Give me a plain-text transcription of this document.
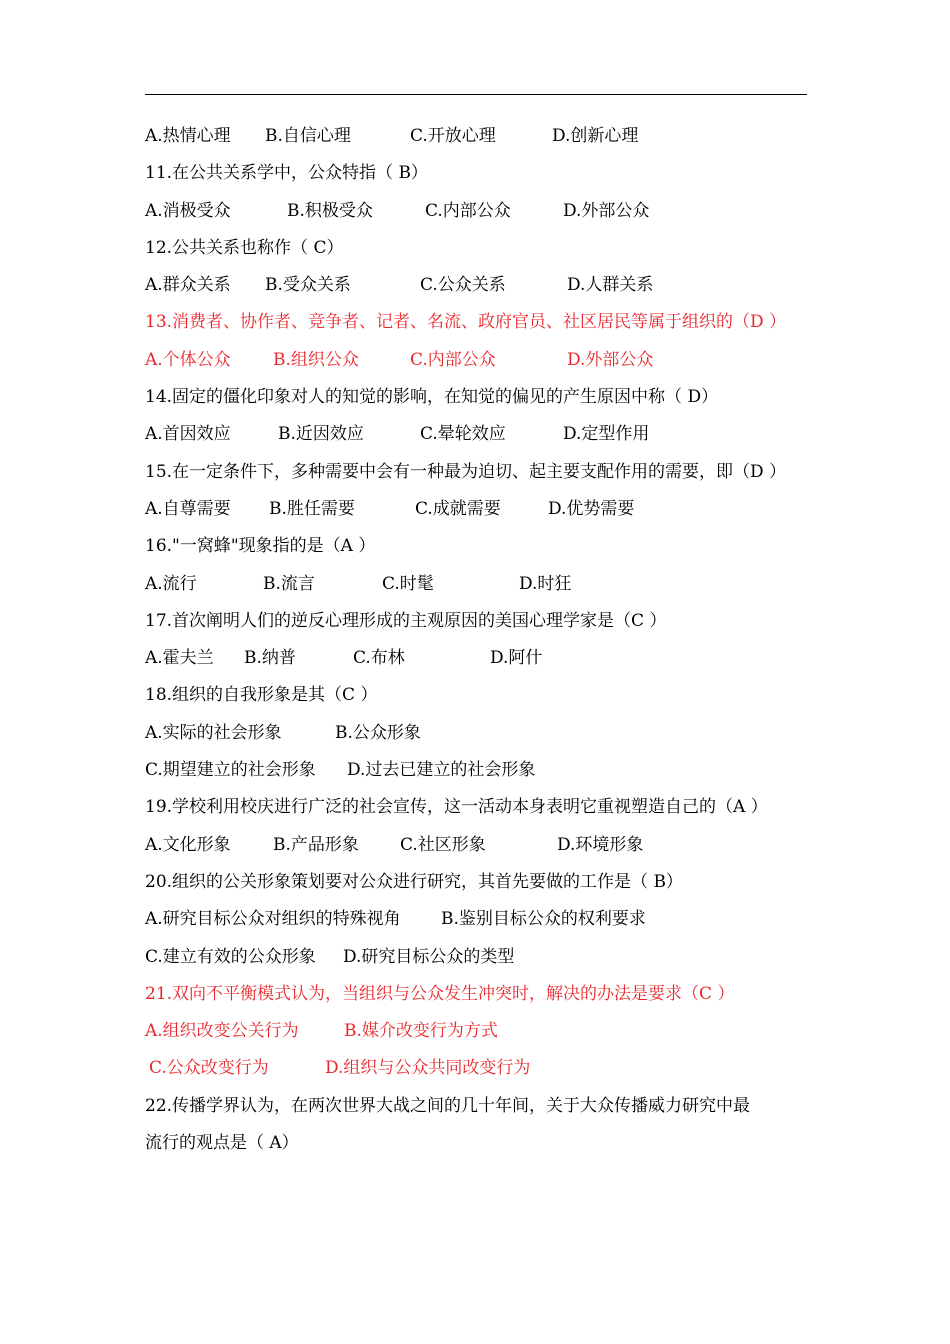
A.热情心理 B.自信心理	C.开放心理	D.创新心理
11.在公共关系学中，公众特指（ B）
A.消极受众	B.积极受众	C.内部公众	D.外部公众
12.公共关系也称作（ C）
A.群众关系 B.受众关系	C.公众关系	D.人群关系
13.消费者、协作者、竞争者、记者、名流、政府官员、社区居民等属于组织的（D ）
A.个体公众 B.组织公众	C.内部公众	D.外部公众
14.固定的僵化印象对人的知觉的影响，在知觉的偏见的产生原因中称（ D）
A.首因效应	B.近因效应	C.晕轮效应	D.定型作用
15.在一定条件下，多种需要中会有一种最为迫切、起主要支配作用的需要，即（D ）
A.自尊需要 B.胜任需要	C.成就需要	D.优势需要
16."一窝蜂"现象指的是（A ）
A.流行	B.流言	C.时髦	D.时狂
17.首次阐明人们的逆反心理形成的主观原因的美国心理学家是（C ）
A.霍夫兰 B.纳普	C.布林	D.阿什
18.组织的自我形象是其（C ）
A.实际的社会形象	B.公众形象
C.期望建立的社会形象 D.过去已建立的社会形象
19.学校利用校庆进行广泛的社会宣传，这一活动本身表明它重视塑造自己的（A ）
A.文化形象 B.产品形象 C.社区形象	D.环境形象
20.组织的公关形象策划要对公众进行研究，其首先要做的工作是（ B）
A.研究目标公众对组织的特殊视角 B.鉴别目标公众的权利要求
C.建立有效的公众形象 D.研究目标公众的类型
21.双向不平衡模式认为，当组织与公众发生冲突时，解决的办法是要求（C ）
A.组织改变公关行为	B.媒介改变行为方式
C.公众改变行为	D.组织与公众共同改变行为
22.传播学界认为，在两次世界大战之间的几十年间，关于大众传播威力研究中最
流行的观点是（ A）
